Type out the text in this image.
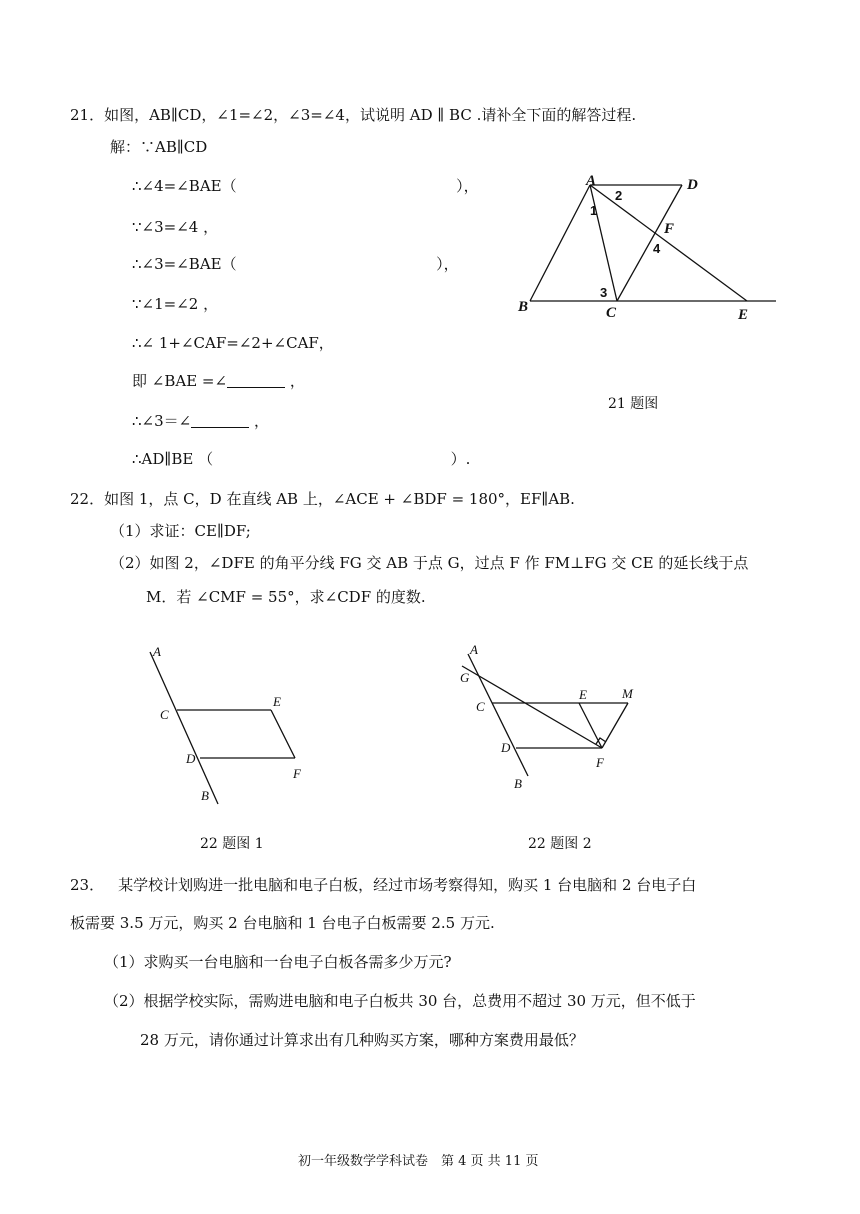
21．如图，AB∥CD，∠1=∠2，∠3=∠4，试说明 AD ∥ BC .请补全下面的解答过程.
解：∵AB∥CD
∴∠4=∠BAE（	），
∵∠3=∠4 ，
∴∠3=∠BAE（	），
∵∠1=∠2 ，
∴∠ 1+∠CAF=∠2+∠CAF，
即 ∠BAE =∠	，
∴∠3＝∠	，
∴AD∥BE （	）.
A
B	C
D
E
F
1
2
3
4
21 题图
22．如图 1，点 C，D 在直线 AB 上，∠ACE + ∠BDF = 180°，EF∥AB.
（1）求证：CE∥DF;
（2）如图 2，∠DFE 的角平分线 FG 交 AB 于点 G，过点 F 作 FM⊥FG 交 CE 的延长线于点
M．若 ∠CMF = 55°，求∠CDF 的度数.
A
C
D
E
F
B
22 题图 1
A
G
C
E	M
D
F
B
22 题图 2
23． 某学校计划购进一批电脑和电子白板，经过市场考察得知，购买 1 台电脑和 2 台电子白
板需要 3.5 万元，购买 2 台电脑和 1 台电子白板需要 2.5 万元.
（1）求购买一台电脑和一台电子白板各需多少万元?
（2）根据学校实际，需购进电脑和电子白板共 30 台，总费用不超过 30 万元，但不低于
28 万元，请你通过计算求出有几种购买方案，哪种方案费用最低？
初一年级数学学科试卷　第 4 页 共 11 页
